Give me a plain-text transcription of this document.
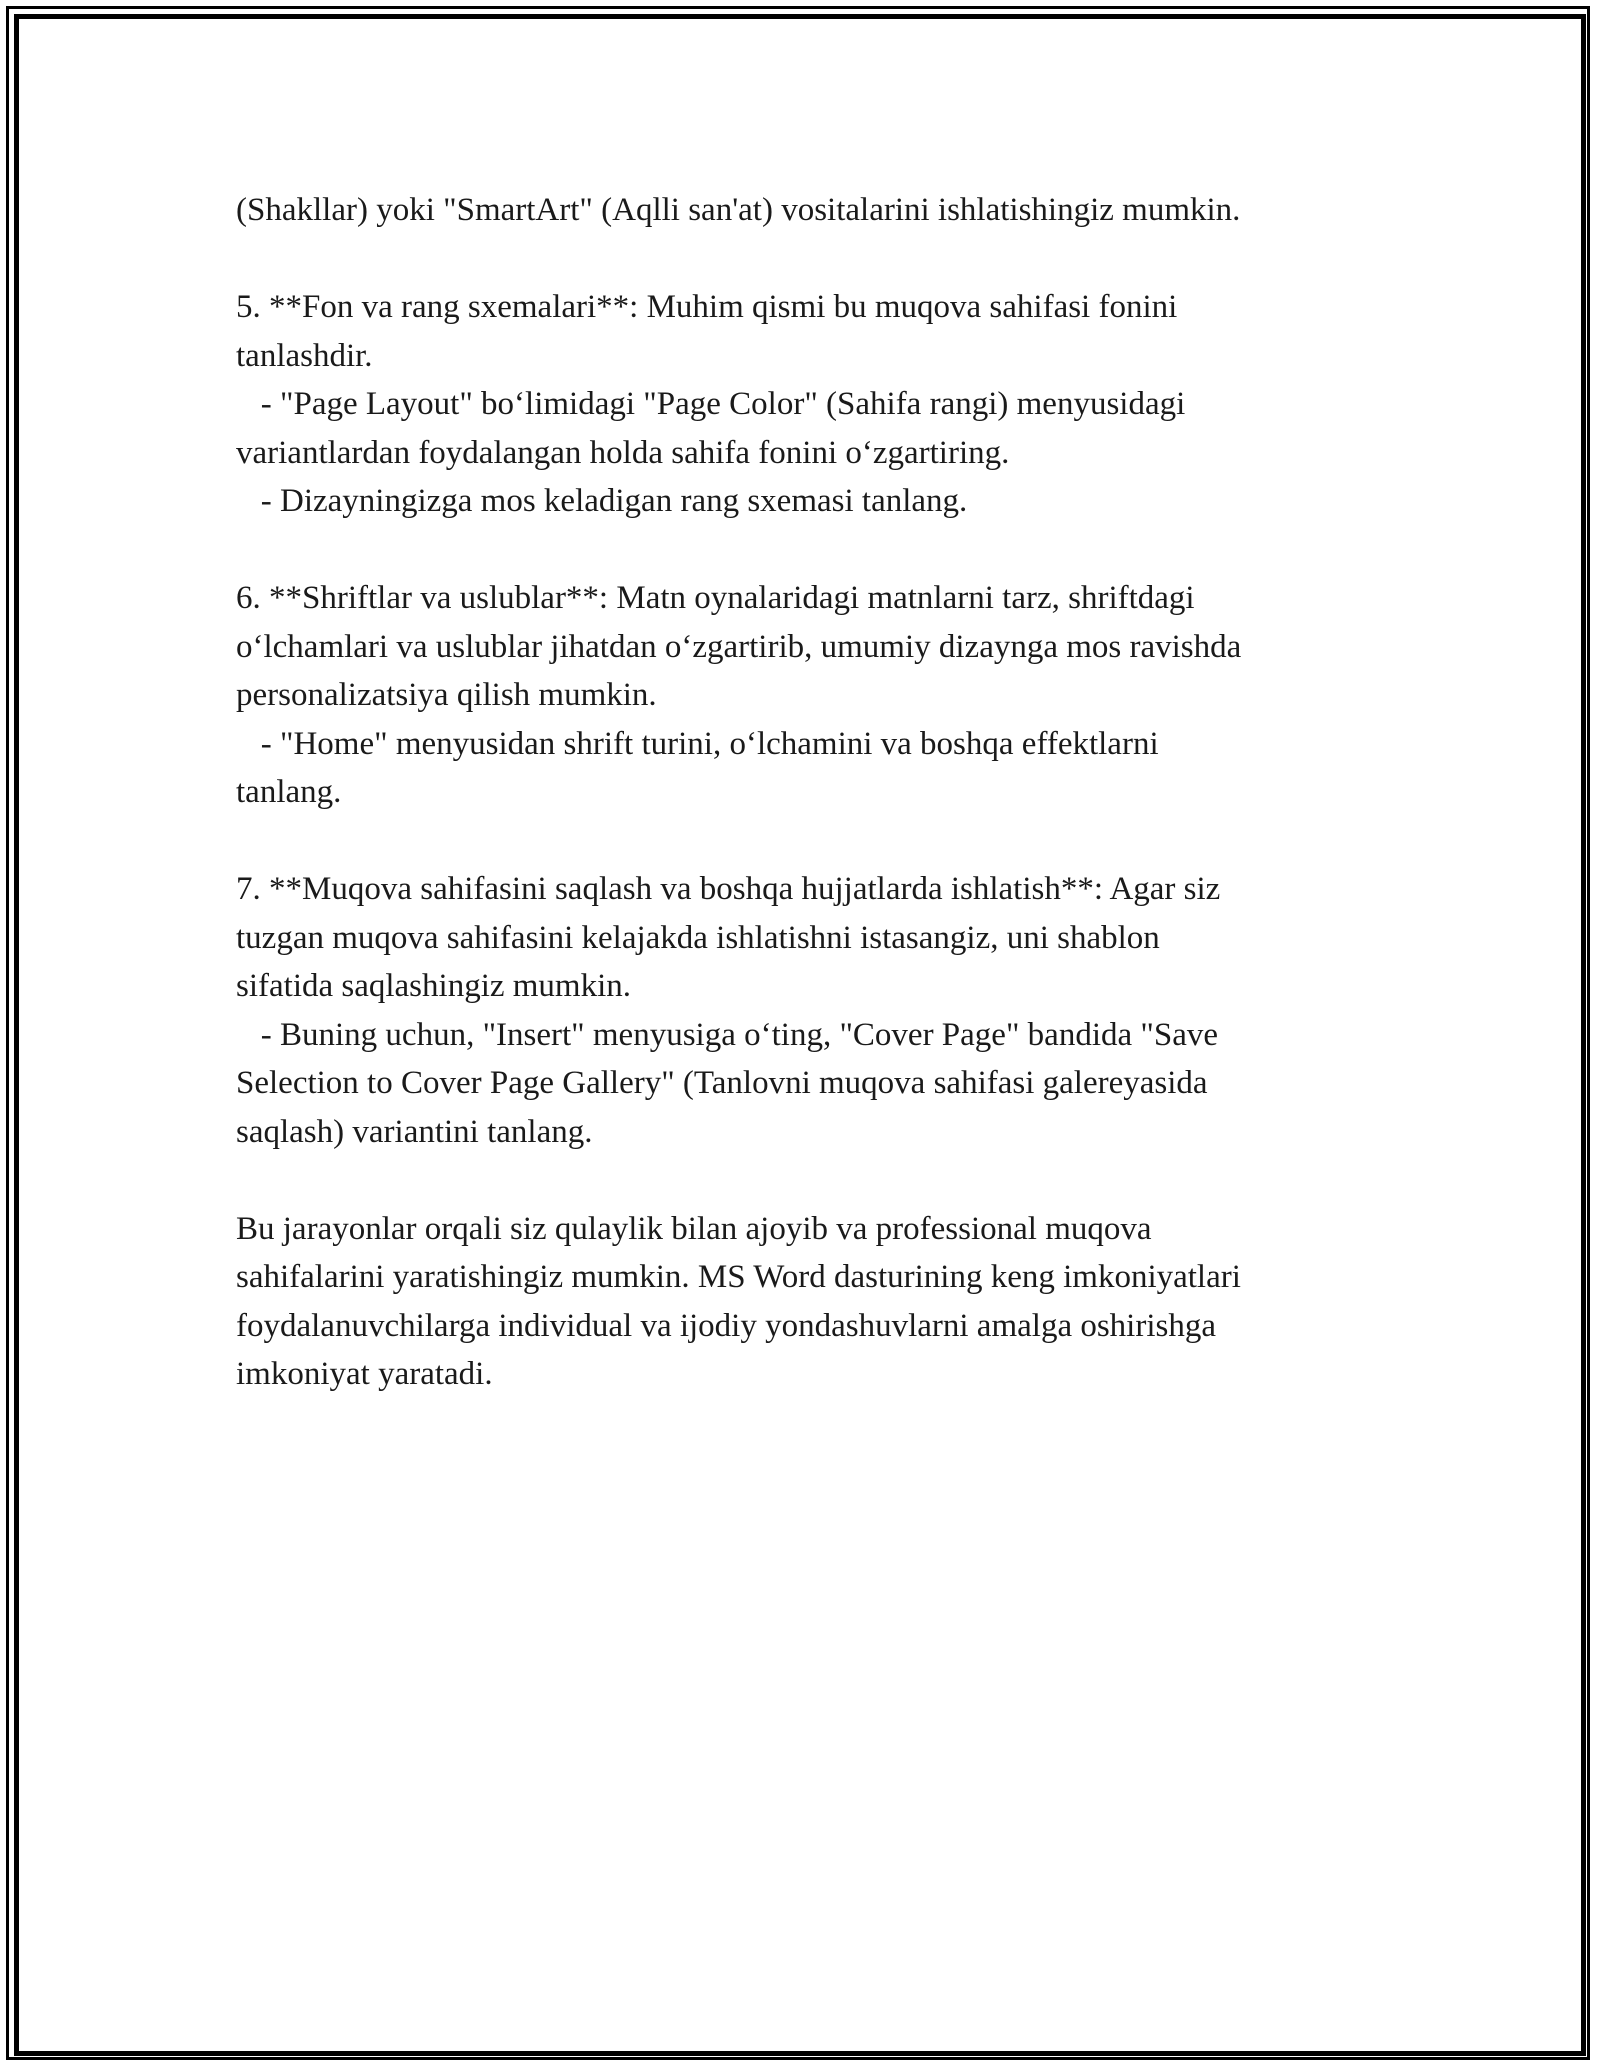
(Shakllar) yoki "SmartArt" (Aqlli san'at) vositalarini ishlatishingiz mumkin.
5. **Fon va rang sxemalari**: Muhim qismi bu muqova sahifasi fonini
tanlashdir.
- "Page Layout" bo‘limidagi "Page Color" (Sahifa rangi) menyusidagi
variantlardan foydalangan holda sahifa fonini o‘zgartiring.
- Dizayningizga mos keladigan rang sxemasi tanlang.
6. **Shriftlar va uslublar**: Matn oynalaridagi matnlarni tarz, shriftdagi
o‘lchamlari va uslublar jihatdan o‘zgartirib, umumiy dizaynga mos ravishda
personalizatsiya qilish mumkin.
- "Home" menyusidan shrift turini, o‘lchamini va boshqa effektlarni
tanlang.
7. **Muqova sahifasini saqlash va boshqa hujjatlarda ishlatish**: Agar siz
tuzgan muqova sahifasini kelajakda ishlatishni istasangiz, uni shablon
sifatida saqlashingiz mumkin.
- Buning uchun, "Insert" menyusiga o‘ting, "Cover Page" bandida "Save
Selection to Cover Page Gallery" (Tanlovni muqova sahifasi galereyasida
saqlash) variantini tanlang.
Bu jarayonlar orqali siz qulaylik bilan ajoyib va professional muqova
sahifalarini yaratishingiz mumkin. MS Word dasturining keng imkoniyatlari
foydalanuvchilarga individual va ijodiy yondashuvlarni amalga oshirishga
imkoniyat yaratadi.
